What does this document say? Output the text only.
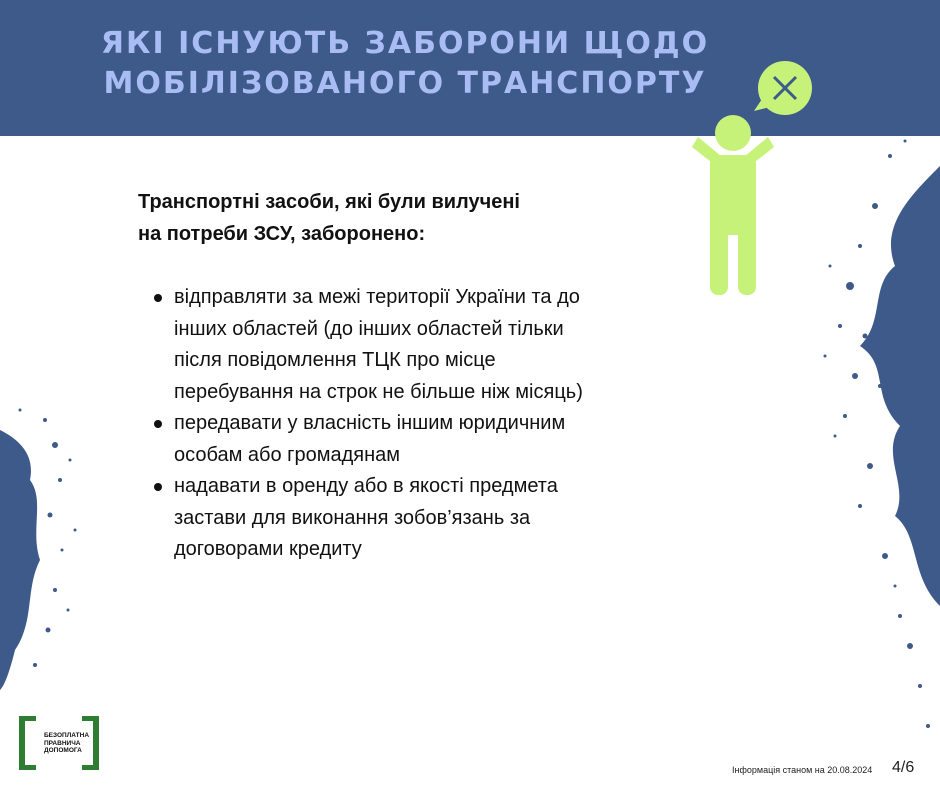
ЯКІ ІСНУЮТЬ ЗАБОРОНИ ЩОДО
МОБІЛІЗОВАНОГО ТРАНСПОРТУ

Транспортні засоби, які були вилучені
на потреби ЗСУ, заборонено:

відправляти за межі території України та до
інших областей (до інших областей тільки
після повідомлення ТЦК про місце
перебування на строк не більше ніж місяць)
передавати у власність іншим юридичним
особам або громадянам
надавати в оренду або в якості предмета
застави для виконання зобов’язань за
договорами кредиту
БЕЗОПЛАТНА
ПРАВНИЧА
ДОПОМОГА
Інформація станом на 20.08.2024 4/6
